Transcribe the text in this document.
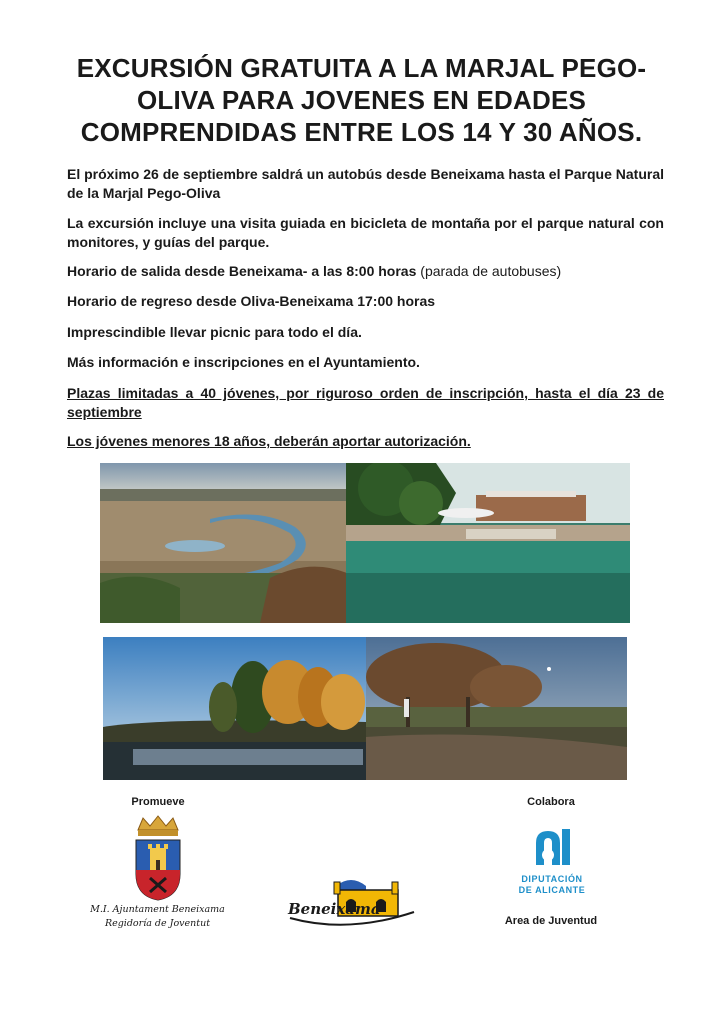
EXCURSIÓN GRATUITA A LA MARJAL PEGO-OLIVA PARA JOVENES EN EDADES COMPRENDIDAS ENTRE LOS 14 Y 30 AÑOS.
El próximo 26 de septiembre saldrá un autobús desde Beneixama hasta el Parque Natural de la Marjal Pego-Oliva
La excursión incluye una visita guiada en bicicleta de montaña por el parque natural con monitores, y guías del parque.
Horario de salida desde Beneixama- a las 8:00 horas (parada de autobuses)
Horario de regreso desde Oliva-Beneixama 17:00 horas
Imprescindible llevar picnic para todo el día.
Más información e inscripciones en el Ayuntamiento.
Plazas limitadas a 40 jóvenes, por riguroso orden de inscripción, hasta el día 23 de septiembre
Los jóvenes menores 18 años, deberán aportar autorización.
Promueve	Colabora
M.I. Ajuntament Beneixama
Regidoría de Joventut
Beneixama
DIPUTACIÓN
DE ALICANTE
Area de Juventud
